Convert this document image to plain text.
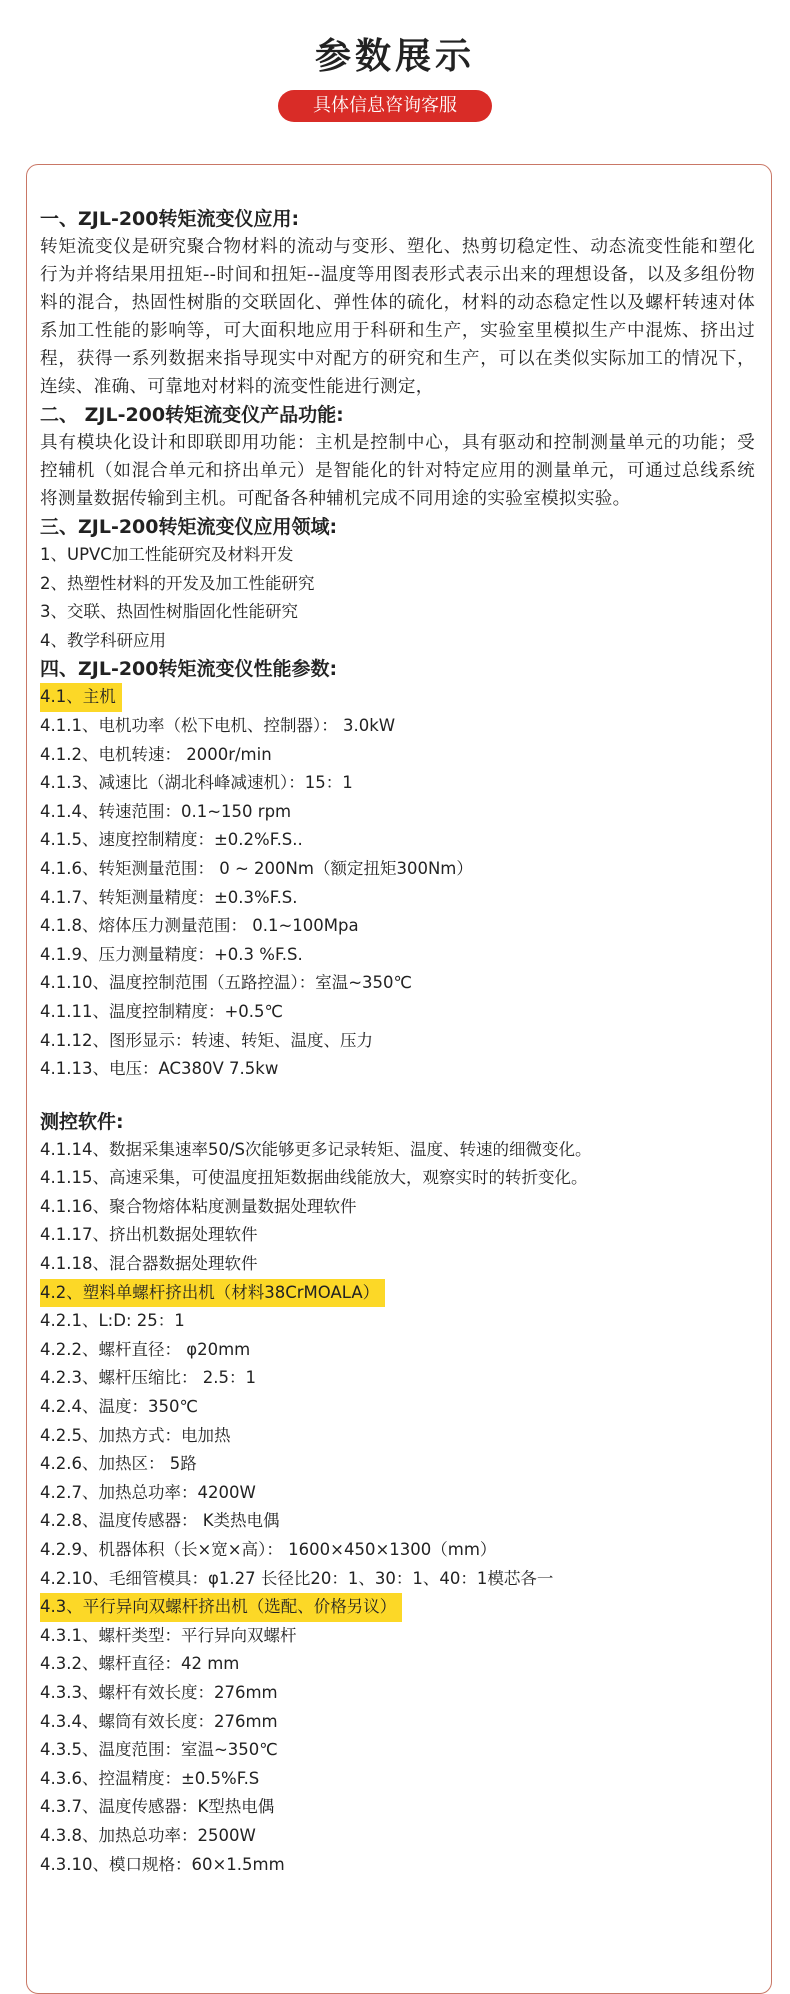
参数展示
具体信息咨询客服

一、ZJL-200转矩流变仪应用:

转矩流变仪是研究聚合物材料的流动与变形、塑化、热剪切稳定性、动态流变性能和塑化行为并将结果用扭矩--时间和扭矩--温度等用图表形式表示出来的理想设备，以及多组份物料的混合，热固性树脂的交联固化、弹性体的硫化，材料的动态稳定性以及螺杆转速对体系加工性能的影响等，可大面积地应用于科研和生产，实验室里模拟生产中混炼、挤出过程，获得一系列数据来指导现实中对配方的研究和生产，可以在类似实际加工的情况下，连续、准确、可靠地对材料的流变性能进行测定，

二、 ZJL-200转矩流变仪产品功能:

具有模块化设计和即联即用功能：主机是控制中心，具有驱动和控制测量单元的功能；受控辅机（如混合单元和挤出单元）是智能化的针对特定应用的测量单元，可通过总线系统将测量数据传输到主机。可配备各种辅机完成不同用途的实验室模拟实验。

三、ZJL-200转矩流变仪应用领域:

1、UPVC加工性能研究及材料开发

2、热塑性材料的开发及加工性能研究

3、交联、热固性树脂固化性能研究

4、教学科研应用

四、ZJL-200转矩流变仪性能参数:

4.1、主机

4.1.1、电机功率（松下电机、控制器）： 3.0kW

4.1.2、电机转速： 2000r/min

4.1.3、减速比（湖北科峰减速机）：15：1

4.1.4、转速范围：0.1~150 rpm

4.1.5、速度控制精度：±0.2%F.S..

4.1.6、转矩测量范围： 0 ~ 200Nm（额定扭矩300Nm）

4.1.7、转矩测量精度：±0.3%F.S.

4.1.8、熔体压力测量范围： 0.1~100Mpa

4.1.9、压力测量精度：+0.3 %F.S.

4.1.10、温度控制范围（五路控温）：室温~350℃

4.1.11、温度控制精度：+0.5℃

4.1.12、图形显示：转速、转矩、温度、压力

4.1.13、电压：AC380V 7.5kw

测控软件:

4.1.14、数据采集速率50/S次能够更多记录转矩、温度、转速的细微变化。

4.1.15、高速采集，可使温度扭矩数据曲线能放大，观察实时的转折变化。

4.1.16、聚合物熔体粘度测量数据处理软件

4.1.17、挤出机数据处理软件

4.1.18、混合器数据处理软件

4.2、塑料单螺杆挤出机（材料38CrMOALA）

4.2.1、L:D: 25：1

4.2.2、螺杆直径： φ20mm

4.2.3、螺杆压缩比： 2.5：1

4.2.4、温度：350℃

4.2.5、加热方式：电加热

4.2.6、加热区： 5路

4.2.7、加热总功率：4200W

4.2.8、温度传感器： K类热电偶

4.2.9、机器体积（长×宽×高）： 1600×450×1300（mm）

4.2.10、毛细管模具：φ1.27 长径比20：1、30：1、40：1模芯各一

4.3、平行异向双螺杆挤出机（选配、价格另议）

4.3.1、螺杆类型：平行异向双螺杆

4.3.2、螺杆直径：42 mm

4.3.3、螺杆有效长度：276mm

4.3.4、螺筒有效长度：276mm

4.3.5、温度范围：室温~350℃

4.3.6、控温精度：±0.5%F.S

4.3.7、温度传感器：K型热电偶

4.3.8、加热总功率：2500W

4.3.10、模口规格：60×1.5mm
